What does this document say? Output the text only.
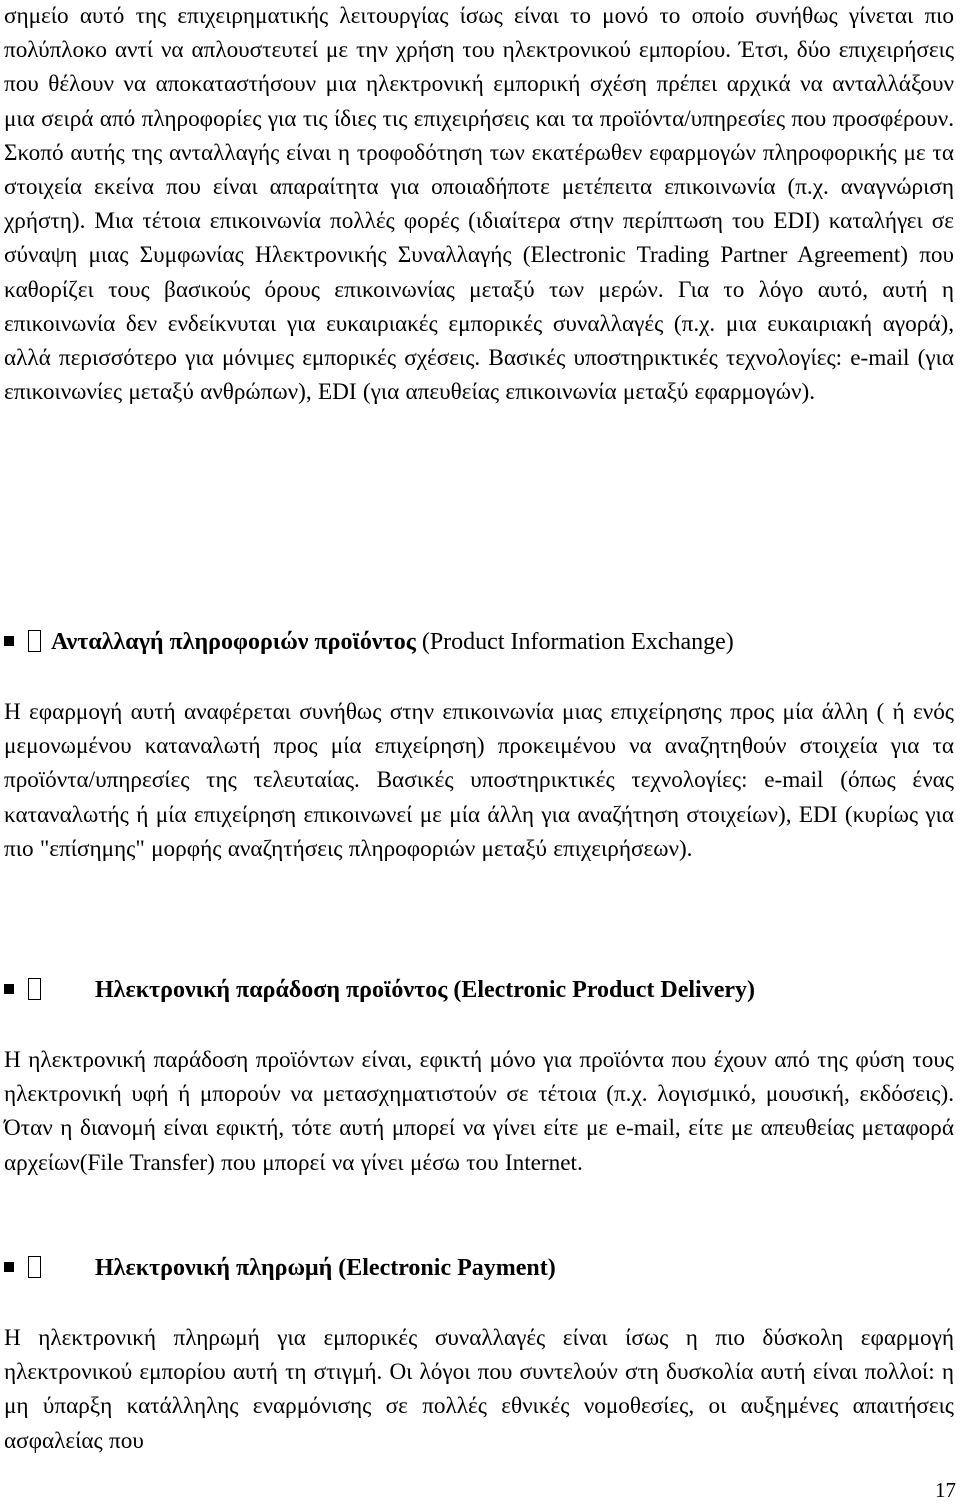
σημείο αυτό της επιχειρηματικής λειτουργίας ίσως είναι το μονό το οποίο συνήθως γίνεται πιο πολύπλοκο αντί να απλουστευτεί με την χρήση του ηλεκτρονικού εμπορίου. Έτσι, δύο επιχειρήσεις που θέλουν να αποκαταστήσουν μια ηλεκτρονική εμπορική σχέση πρέπει αρχικά να ανταλλάξουν μια σειρά από πληροφορίες για τις ίδιες τις επιχειρήσεις και τα προϊόντα/υπηρεσίες που προσφέρουν. Σκοπό αυτής της ανταλλαγής είναι η τροφοδότηση των εκατέρωθεν εφαρμογών πληροφορικής με τα στοιχεία εκείνα που είναι απαραίτητα για οποιαδήποτε μετέπειτα επικοινωνία (π.χ. αναγνώριση χρήστη). Μια τέτοια επικοινωνία πολλές φορές (ιδιαίτερα στην περίπτωση του EDI) καταλήγει σε σύναψη μιας Συμφωνίας Ηλεκτρονικής Συναλλαγής (Electronic Trading Partner Agreement) που καθορίζει τους βασικούς όρους επικοινωνίας μεταξύ των μερών. Για το λόγο αυτό, αυτή η επικοινωνία δεν ενδείκνυται για ευκαιριακές εμπορικές συναλλαγές (π.χ. μια ευκαιριακή αγορά), αλλά περισσότερο για μόνιμες εμπορικές σχέσεις. Βασικές υποστηρικτικές τεχνολογίες: e-mail (για επικοινωνίες μεταξύ ανθρώπων), EDI (για απευθείας επικοινωνία μεταξύ εφαρμογών).

Ανταλλαγή πληροφοριών προϊόντος (Product Information Exchange)

Η εφαρμογή αυτή αναφέρεται συνήθως στην επικοινωνία μιας επιχείρησης προς μία άλλη ( ή ενός μεμονωμένου καταναλωτή προς μία επιχείρηση) προκειμένου να αναζητηθούν στοιχεία για τα προϊόντα/υπηρεσίες της τελευταίας. Βασικές υποστηρικτικές τεχνολογίες: e-mail (όπως ένας καταναλωτής ή μία επιχείρηση επικοινωνεί με μία άλλη για αναζήτηση στοιχείων), EDI (κυρίως για πιο "επίσημης" μορφής αναζητήσεις πληροφοριών μεταξύ επιχειρήσεων).

Ηλεκτρονική παράδοση προϊόντος (Electronic Product Delivery)

Η ηλεκτρονική παράδοση προϊόντων είναι, εφικτή μόνο για προϊόντα που έχουν από της φύση τους ηλεκτρονική υφή ή μπορούν να μετασχηματιστούν σε τέτοια (π.χ. λογισμικό, μουσική, εκδόσεις). Όταν η διανομή είναι εφικτή, τότε αυτή μπορεί να γίνει είτε με e-mail, είτε με απευθείας μεταφορά αρχείων(File Transfer) που μπορεί να γίνει μέσω του Internet.

Ηλεκτρονική πληρωμή (Electronic Payment)

Η ηλεκτρονική πληρωμή για εμπορικές συναλλαγές είναι ίσως η πιο δύσκολη εφαρμογή ηλεκτρονικού εμπορίου αυτή τη στιγμή. Οι λόγοι που συντελούν στη δυσκολία αυτή είναι πολλοί: η μη ύπαρξη κατάλληλης εναρμόνισης σε πολλές εθνικές νομοθεσίες, οι αυξημένες απαιτήσεις ασφαλείας που

17
